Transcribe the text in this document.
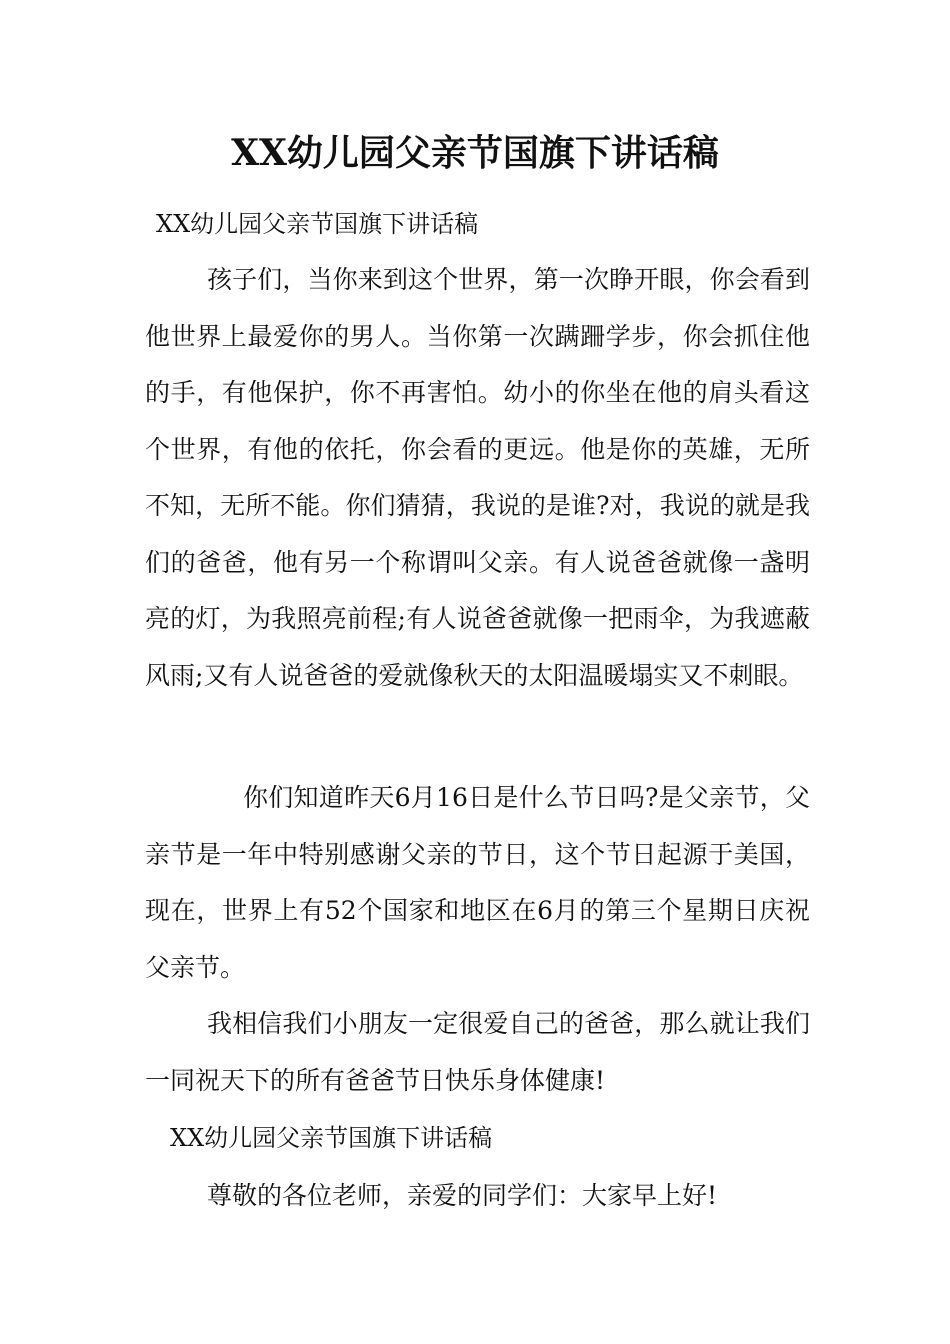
XX幼儿园父亲节国旗下讲话稿

XX幼儿园父亲节国旗下讲话稿

孩子们，当你来到这个世界，第一次睁开眼，你会看到他世界上最爱你的男人。当你第一次蹒跚学步，你会抓住他的手，有他保护，你不再害怕。幼小的你坐在他的肩头看这个世界，有他的依托，你会看的更远。他是你的英雄，无所不知，无所不能。你们猜猜，我说的是谁?对，我说的就是我们的爸爸，他有另一个称谓叫父亲。有人说爸爸就像一盏明亮的灯，为我照亮前程;有人说爸爸就像一把雨伞，为我遮蔽风雨;又有人说爸爸的爱就像秋天的太阳温暖塌实又不刺眼。

你们知道昨天6月16日是什么节日吗?是父亲节，父亲节是一年中特别感谢父亲的节日，这个节日起源于美国，现在，世界上有52个国家和地区在6月的第三个星期日庆祝父亲节。

我相信我们小朋友一定很爱自己的爸爸，那么就让我们一同祝天下的所有爸爸节日快乐身体健康!

XX幼儿园父亲节国旗下讲话稿

尊敬的各位老师，亲爱的同学们：大家早上好!
